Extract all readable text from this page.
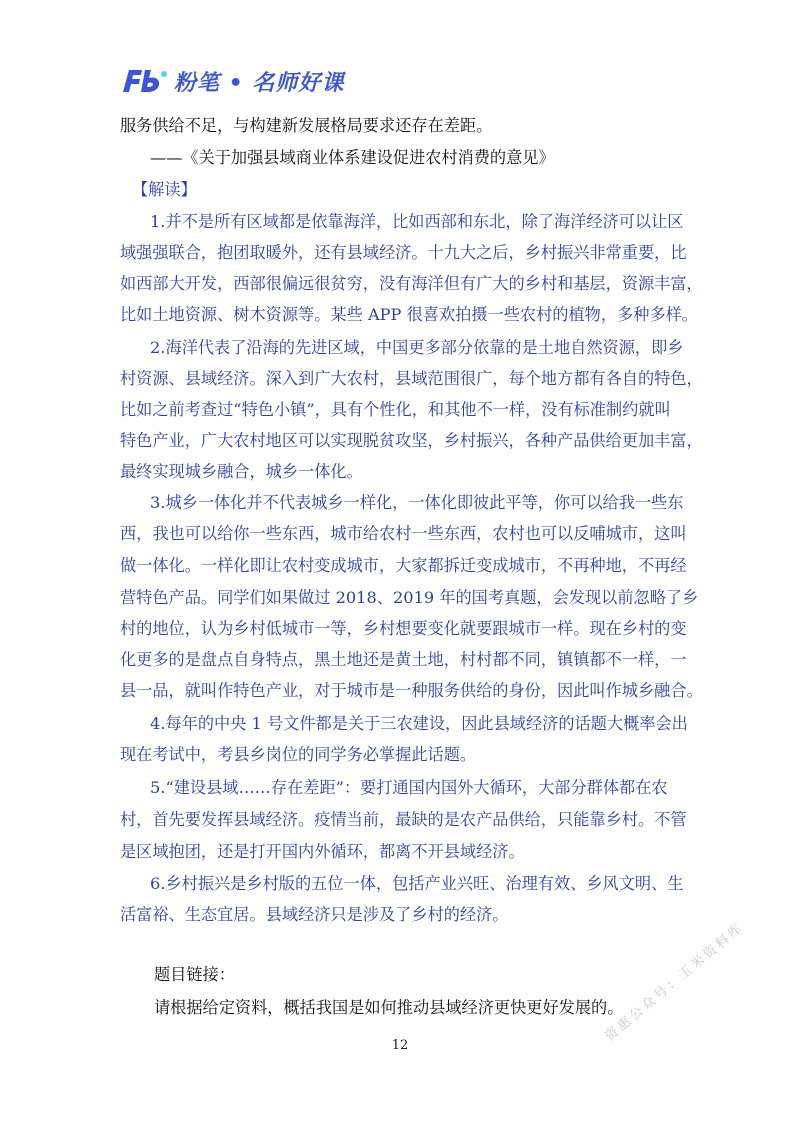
粉笔 • 名师好课
服务供给不足，与构建新发展格局要求还存在差距。
——《关于加强县域商业体系建设促进农村消费的意见》
【解读】
1.并不是所有区域都是依靠海洋，比如西部和东北，除了海洋经济可以让区
域强强联合，抱团取暖外，还有县域经济。十九大之后，乡村振兴非常重要，比
如西部大开发，西部很偏远很贫穷，没有海洋但有广大的乡村和基层，资源丰富，
比如土地资源、树木资源等。某些 APP 很喜欢拍摄一些农村的植物，多种多样。
2.海洋代表了沿海的先进区域，中国更多部分依靠的是土地自然资源，即乡
村资源、县域经济。深入到广大农村，县域范围很广，每个地方都有各自的特色，
比如之前考查过“特色小镇”，具有个性化，和其他不一样，没有标准制约就叫
特色产业，广大农村地区可以实现脱贫攻坚，乡村振兴，各种产品供给更加丰富，
最终实现城乡融合，城乡一体化。
3.城乡一体化并不代表城乡一样化，一体化即彼此平等，你可以给我一些东
西，我也可以给你一些东西，城市给农村一些东西，农村也可以反哺城市，这叫
做一体化。一样化即让农村变成城市，大家都拆迁变成城市，不再种地，不再经
营特色产品。同学们如果做过 2018、2019 年的国考真题，会发现以前忽略了乡
村的地位，认为乡村低城市一等，乡村想要变化就要跟城市一样。现在乡村的变
化更多的是盘点自身特点，黑土地还是黄土地，村村都不同，镇镇都不一样，一
县一品，就叫作特色产业，对于城市是一种服务供给的身份，因此叫作城乡融合。
4.每年的中央 1 号文件都是关于三农建设，因此县域经济的话题大概率会出
现在考试中，考县乡岗位的同学务必掌握此话题。
5.“建设县域……存在差距”：要打通国内国外大循环，大部分群体都在农
村，首先要发挥县域经济。疫情当前，最缺的是农产品供给，只能靠乡村。不管
是区域抱团，还是打开国内外循环，都离不开县域经济。
6.乡村振兴是乡村版的五位一体，包括产业兴旺、治理有效、乡风文明、生
活富裕、生态宜居。县域经济只是涉及了乡村的经济。
题目链接：
请根据给定资料，概括我国是如何推动县域经济更快更好发展的。
12
资惠公众号：玉米资料库
